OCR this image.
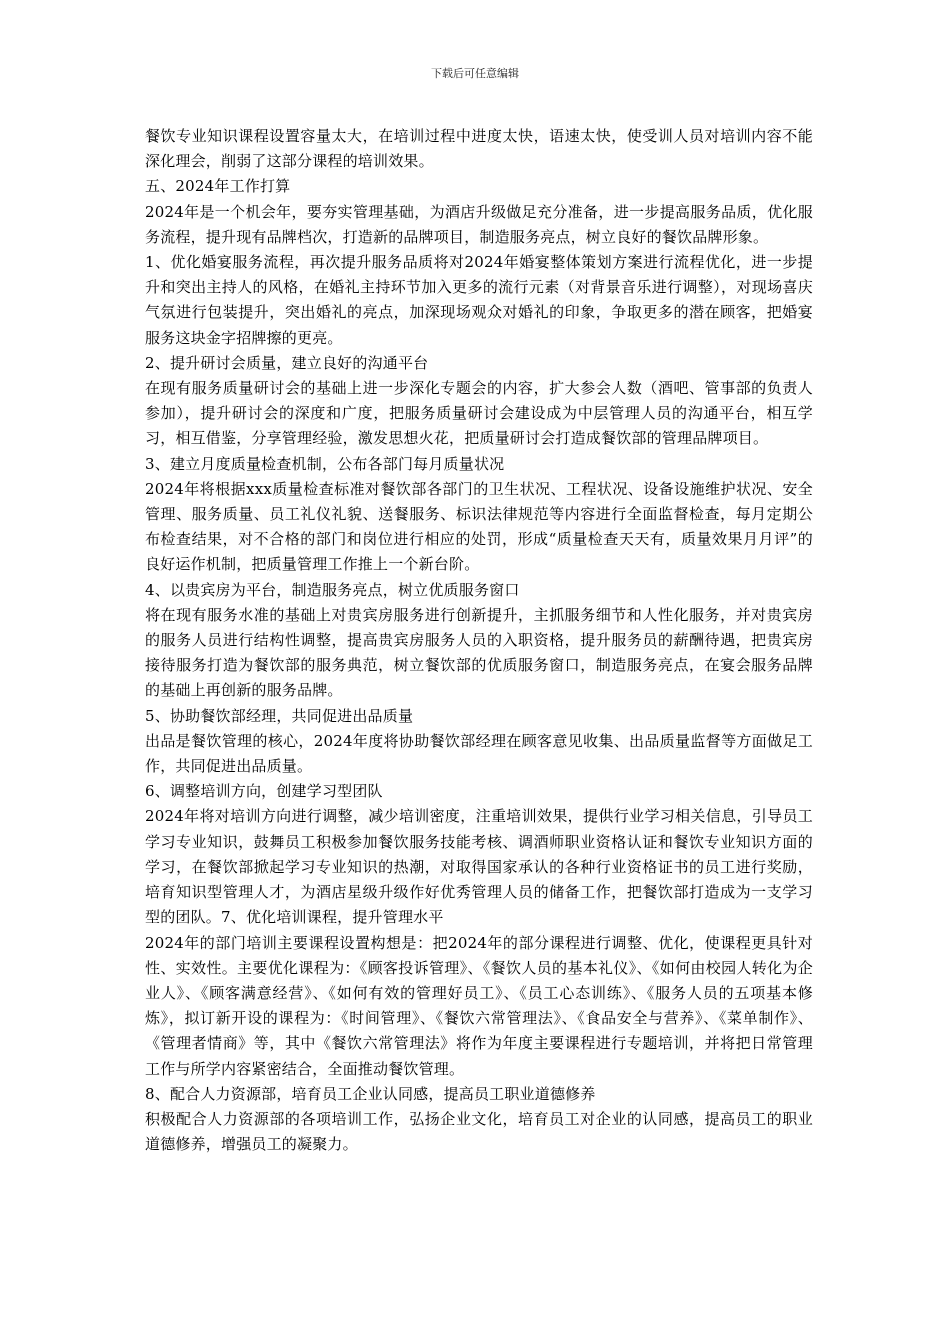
下载后可任意编辑

餐饮专业知识课程设置容量太大，在培训过程中进度太快，语速太快，使受训人员对培训内容不能深化理会，削弱了这部分课程的培训效果。

五、2024年工作打算

2024年是一个机会年，要夯实管理基础，为酒店升级做足充分准备，进一步提高服务品质，优化服务流程，提升现有品牌档次，打造新的品牌项目，制造服务亮点，树立良好的餐饮品牌形象。

1、优化婚宴服务流程，再次提升服务品质将对2024年婚宴整体策划方案进行流程优化，进一步提升和突出主持人的风格，在婚礼主持环节加入更多的流行元素（对背景音乐进行调整），对现场喜庆气氛进行包装提升，突出婚礼的亮点，加深现场观众对婚礼的印象，争取更多的潜在顾客，把婚宴服务这块金字招牌擦的更亮。

2、提升研讨会质量，建立良好的沟通平台

在现有服务质量研讨会的基础上进一步深化专题会的内容，扩大参会人数（酒吧、管事部的负责人参加），提升研讨会的深度和广度，把服务质量研讨会建设成为中层管理人员的沟通平台，相互学习，相互借鉴，分享管理经验，激发思想火花，把质量研讨会打造成餐饮部的管理品牌项目。

3、建立月度质量检查机制，公布各部门每月质量状况

2024年将根据xxx质量检查标准对餐饮部各部门的卫生状况、工程状况、设备设施维护状况、安全管理、服务质量、员工礼仪礼貌、送餐服务、标识法律规范等内容进行全面监督检查，每月定期公布检查结果，对不合格的部门和岗位进行相应的处罚，形成“质量检查天天有，质量效果月月评”的良好运作机制，把质量管理工作推上一个新台阶。

4、以贵宾房为平台，制造服务亮点，树立优质服务窗口

将在现有服务水准的基础上对贵宾房服务进行创新提升，主抓服务细节和人性化服务，并对贵宾房的服务人员进行结构性调整，提高贵宾房服务人员的入职资格，提升服务员的薪酬待遇，把贵宾房接待服务打造为餐饮部的服务典范，树立餐饮部的优质服务窗口，制造服务亮点，在宴会服务品牌的基础上再创新的服务品牌。

5、协助餐饮部经理，共同促进出品质量

出品是餐饮管理的核心，2024年度将协助餐饮部经理在顾客意见收集、出品质量监督等方面做足工作，共同促进出品质量。

6、调整培训方向，创建学习型团队

2024年将对培训方向进行调整，减少培训密度，注重培训效果，提供行业学习相关信息，引导员工学习专业知识，鼓舞员工积极参加餐饮服务技能考核、调酒师职业资格认证和餐饮专业知识方面的学习，在餐饮部掀起学习专业知识的热潮，对取得国家承认的各种行业资格证书的员工进行奖励，培育知识型管理人才，为酒店星级升级作好优秀管理人员的储备工作，把餐饮部打造成为一支学习型的团队。7、优化培训课程，提升管理水平

2024年的部门培训主要课程设置构想是：把2024年的部分课程进行调整、优化，使课程更具针对性、实效性。主要优化课程为：《顾客投诉管理》、《餐饮人员的基本礼仪》、《如何由校园人转化为企业人》、《顾客满意经营》、《如何有效的管理好员工》、《员工心态训练》、《服务人员的五项基本修炼》，拟订新开设的课程为：《时间管理》、《餐饮六常管理法》、《食品安全与营养》、《菜单制作》、《管理者情商》等，其中《餐饮六常管理法》将作为年度主要课程进行专题培训，并将把日常管理工作与所学内容紧密结合，全面推动餐饮管理。

8、配合人力资源部，培育员工企业认同感，提高员工职业道德修养

积极配合人力资源部的各项培训工作，弘扬企业文化，培育员工对企业的认同感，提高员工的职业道德修养，增强员工的凝聚力。
